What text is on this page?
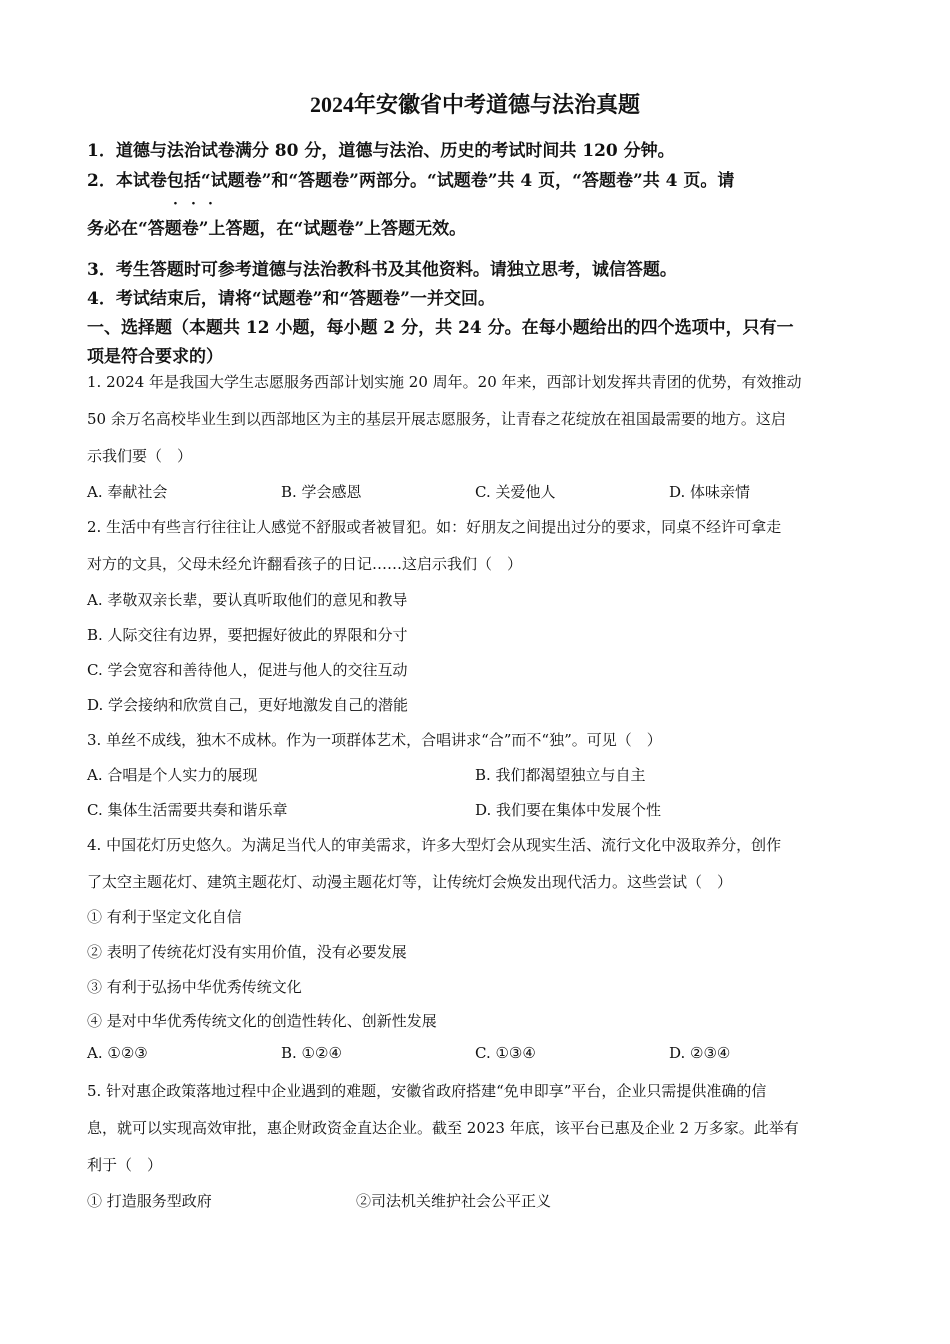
2024年安徽省中考道德与法治真题
1．道德与法治试卷满分 80 分，道德与法治、历史的考试时间共 120 分钟。
2．本试卷包括“试题卷”和“答题卷”两部分。“试题卷”共 4 页，“答题卷”共 4 页。请
· · ·
务必在“答题卷”上答题，在“试题卷”上答题无效。
3．考生答题时可参考道德与法治教科书及其他资料。请独立思考，诚信答题。
4．考试结束后，请将“试题卷”和“答题卷”一并交回。
一、选择题（本题共 12 小题，每小题 2 分，共 24 分。在每小题给出的四个选项中，只有一
项是符合要求的）
1. 2024 年是我国大学生志愿服务西部计划实施 20 周年。20 年来，西部计划发挥共青团的优势，有效推动
50 余万名高校毕业生到以西部地区为主的基层开展志愿服务，让青春之花绽放在祖国最需要的地方。这启
示我们要（　）
A. 奉献社会	B. 学会感恩	C. 关爱他人	D. 体味亲情
2. 生活中有些言行往往让人感觉不舒服或者被冒犯。如：好朋友之间提出过分的要求，同桌不经许可拿走
对方的文具，父母未经允许翻看孩子的日记……这启示我们（　）
A. 孝敬双亲长辈，要认真听取他们的意见和教导
B. 人际交往有边界，要把握好彼此的界限和分寸
C. 学会宽容和善待他人，促进与他人的交往互动
D. 学会接纳和欣赏自己，更好地激发自己的潜能
3. 单丝不成线，独木不成林。作为一项群体艺术，合唱讲求“合”而不“独”。可见（　）
A. 合唱是个人实力的展现	B. 我们都渴望独立与自主
C. 集体生活需要共奏和谐乐章	D. 我们要在集体中发展个性
4. 中国花灯历史悠久。为满足当代人的审美需求，许多大型灯会从现实生活、流行文化中汲取养分，创作
了太空主题花灯、建筑主题花灯、动漫主题花灯等，让传统灯会焕发出现代活力。这些尝试（　）
① 有利于坚定文化自信
② 表明了传统花灯没有实用价值，没有必要发展
③ 有利于弘扬中华优秀传统文化
④ 是对中华优秀传统文化的创造性转化、创新性发展
A. ①②③	B. ①②④	C. ①③④	D. ②③④
5. 针对惠企政策落地过程中企业遇到的难题，安徽省政府搭建“免申即享”平台，企业只需提供准确的信
息，就可以实现高效审批，惠企财政资金直达企业。截至 2023 年底，该平台已惠及企业 2 万多家。此举有
利于（　）
① 打造服务型政府	②司法机关维护社会公平正义
